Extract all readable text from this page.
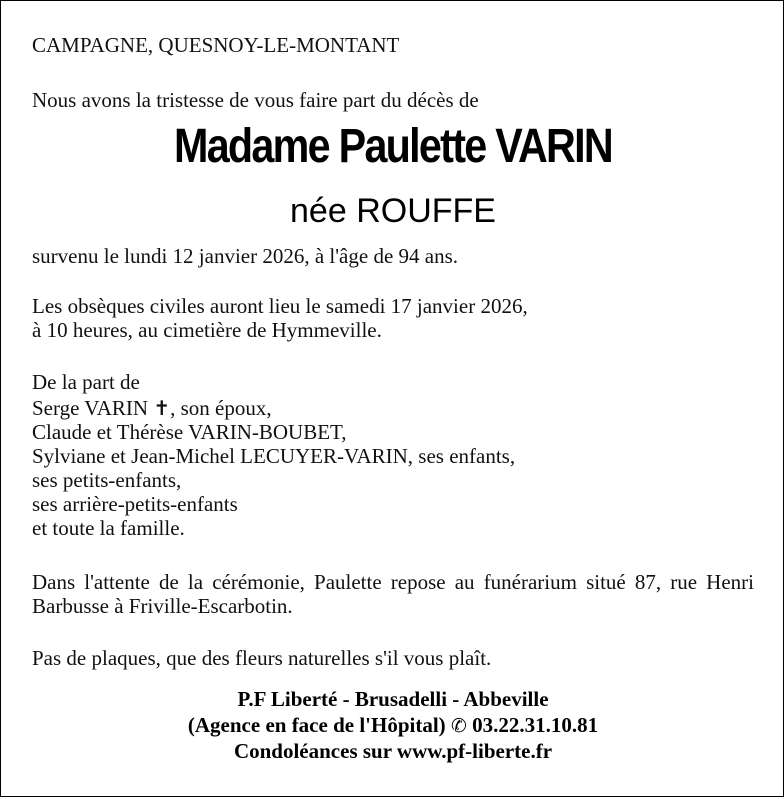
CAMPAGNE, QUESNOY-LE-MONTANT
Nous avons la tristesse de vous faire part du décès de
Madame Paulette VARIN
née ROUFFE
survenu le lundi 12 janvier 2026, à l'âge de 94 ans.
Les obsèques civiles auront lieu le samedi 17 janvier 2026,
à 10 heures, au cimetière de Hymmeville.
De la part de
Serge VARIN ✝, son époux,
Claude et Thérèse VARIN-BOUBET,
Sylviane et Jean-Michel LECUYER-VARIN, ses enfants,
ses petits-enfants,
ses arrière-petits-enfants
et toute la famille.
Dans l'attente de la cérémonie, Paulette repose au funérarium situé 87, rue Henri Barbusse à Friville-Escarbotin.
Pas de plaques, que des fleurs naturelles s'il vous plaît.
P.F Liberté - Brusadelli - Abbeville
(Agence en face de l'Hôpital) ✆ 03.22.31.10.81
Condoléances sur www.pf-liberte.fr
